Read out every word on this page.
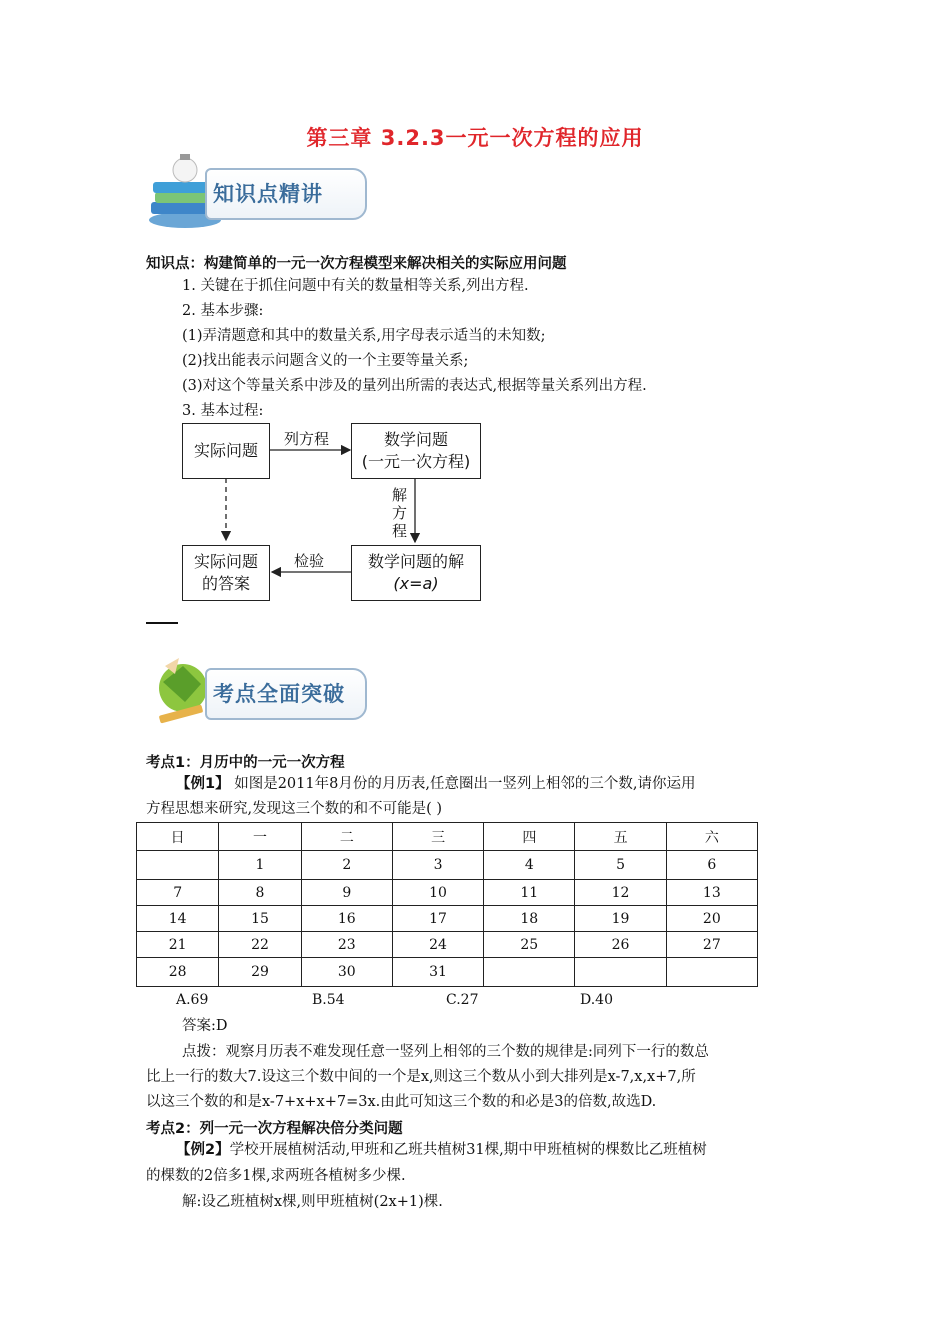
第三章 3.2.3一元一次方程的应用
知识点精讲
知识点：构建简单的一元一次方程模型来解决相关的实际应用问题
1. 关键在于抓住问题中有关的数量相等关系,列出方程.
2. 基本步骤:
(1)弄清题意和其中的数量关系,用字母表示适当的未知数;
(2)找出能表示问题含义的一个主要等量关系;
(3)对这个等量关系中涉及的量列出所需的表达式,根据等量关系列出方程.
3. 基本过程:
实际问题
数学问题
(一元一次方程)
实际问题
的答案
数学问题的解
(x=a)
列方程
解
方
程
检验
考点全面突破
考点1：月历中的一元一次方程
【例1】 如图是2011年8月份的月历表,任意圈出一竖列上相邻的三个数,请你运用
方程思想来研究,发现这三个数的和不可能是( )
日	一	二	三	四	五	六
	1	2	3	4	5	6
7	8	9	10	11	12	13
14	15	16	17	18	19	20
21	22	23	24	25	26	27
28	29	30	31			
A.69	B.54	C.27	D.40
答案:D
点拨：观察月历表不难发现任意一竖列上相邻的三个数的规律是:同列下一行的数总
比上一行的数大7.设这三个数中间的一个是x,则这三个数从小到大排列是x-7,x,x+7,所
以这三个数的和是x-7+x+x+7=3x.由此可知这三个数的和必是3的倍数,故选D.
考点2：列一元一次方程解决倍分类问题
【例2】学校开展植树活动,甲班和乙班共植树31棵,期中甲班植树的棵数比乙班植树
的棵数的2倍多1棵,求两班各植树多少棵.
解:设乙班植树x棵,则甲班植树(2x+1)棵.
